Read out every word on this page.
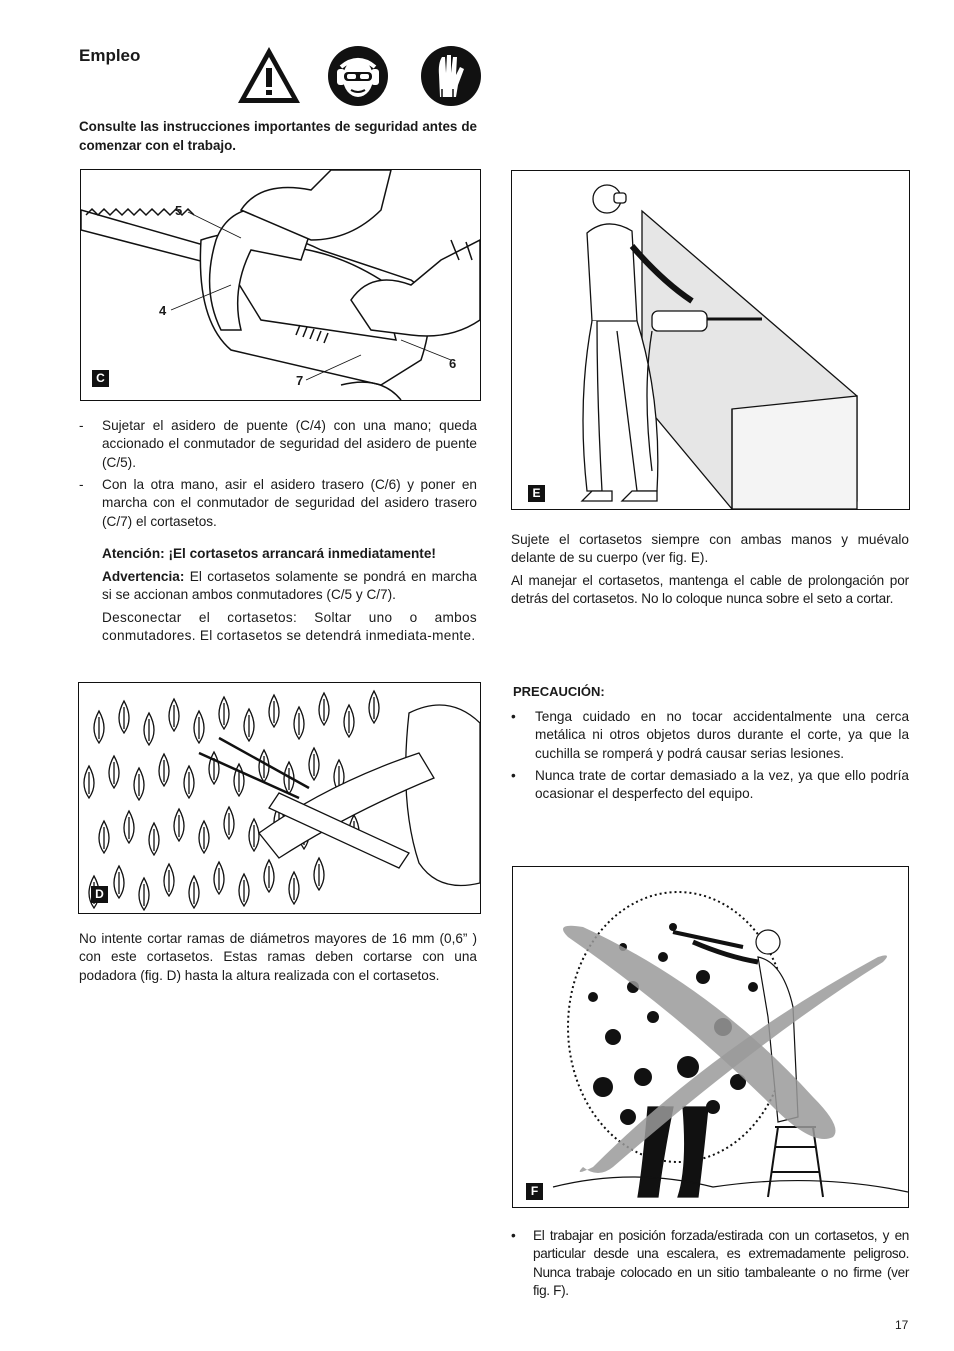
Empleo
Consulte las instrucciones importantes de seguridad antes de comenzar con el trabajo.
5
4
6
7
C
- Sujetar el asidero de puente (C/4) con una mano; queda accionado el conmutador de seguridad del asidero de puente (C/5).
- Con la otra mano, asir el asidero trasero (C/6) y poner en marcha con el conmutador de seguridad del asidero trasero (C/7) el cortasetos.
Atención: ¡El cortasetos arrancará inmediatamente!
Advertencia: El cortasetos solamente se pondrá en marcha si se accionan ambos conmutadores (C/5 y C/7).
Desconectar el cortasetos: Soltar uno o ambos conmutadores. El cortasetos se detendrá inmediata-mente.
D
No intente cortar ramas de diámetros mayores de 16 mm (0,6” ) con este cortasetos. Estas ramas deben cortarse con una podadora (fig. D) hasta la altura realizada con el cortasetos.
E
Sujete el cortasetos siempre con ambas manos y muévalo delante de su cuerpo (ver fig. E).
Al manejar el cortasetos, mantenga el cable de prolongación por detrás del cortasetos. No lo coloque nunca sobre el seto a cortar.
PRECAUCIÓN:
• Tenga cuidado en no tocar accidentalmente una cerca metálica ni otros objetos duros durante el corte, ya que la cuchilla se romperá y podrá causar serias lesiones.
• Nunca trate de cortar demasiado a la vez, ya que ello podría ocasionar el desperfecto del equipo.
F
• El trabajar en posición forzada/estirada con un cortasetos, y en particular desde una escalera, es extremadamente peligroso. Nunca trabaje colocado en un sitio tambaleante o no firme (ver fig. F).
17
